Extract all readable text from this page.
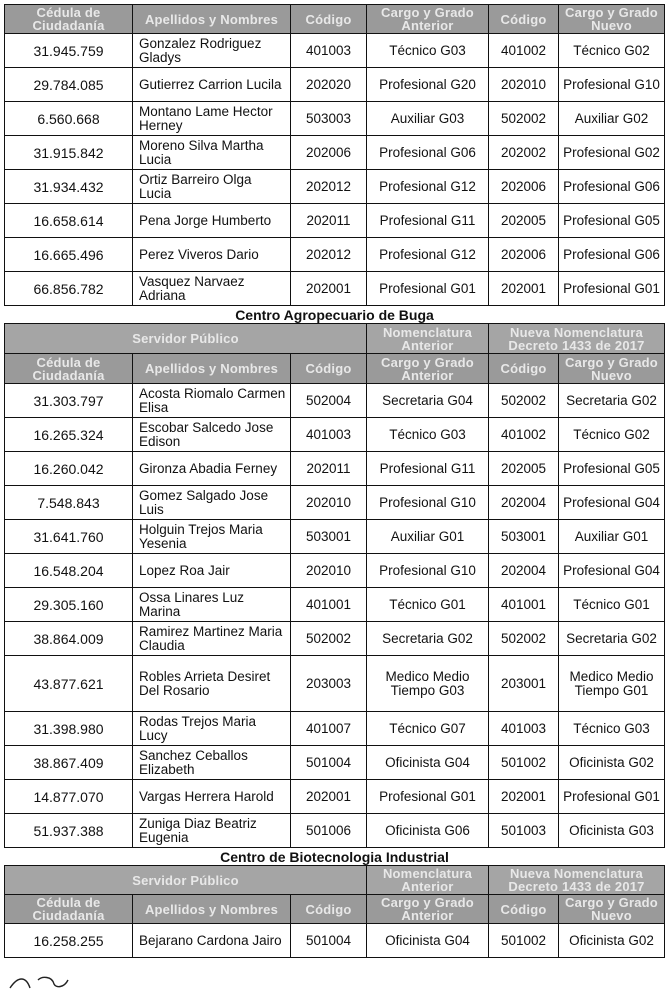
Cédula de Ciudadanía	Apellidos y Nombres	Código	Cargo y Grado Anterior	Código	Cargo y Grado Nuevo
31.945.759	Gonzalez Rodriguez Gladys	401003	Técnico G03	401002	Técnico G02
29.784.085	Gutierrez Carrion Lucila	202020	Profesional G20	202010	Profesional G10
6.560.668	Montano Lame Hector Herney	503003	Auxiliar G03	502002	Auxiliar G02
31.915.842	Moreno Silva Martha Lucia	202006	Profesional G06	202002	Profesional G02
31.934.432	Ortiz Barreiro Olga Lucia	202012	Profesional G12	202006	Profesional G06
16.658.614	Pena Jorge Humberto	202011	Profesional G11	202005	Profesional G05
16.665.496	Perez Viveros Dario	202012	Profesional G12	202006	Profesional G06
66.856.782	Vasquez Narvaez Adriana	202001	Profesional G01	202001	Profesional G01
Centro Agropecuario de Buga					
Servidor Público			Nomenclatura Anterior	Nueva Nomenclatura Decreto 1433 de 2017	
Cédula de Ciudadanía	Apellidos y Nombres	Código	Cargo y Grado Anterior	Código	Cargo y Grado Nuevo
31.303.797	Acosta Riomalo Carmen Elisa	502004	Secretaria G04	502002	Secretaria G02
16.265.324	Escobar Salcedo Jose Edison	401003	Técnico G03	401002	Técnico G02
16.260.042	Gironza Abadia Ferney	202011	Profesional G11	202005	Profesional G05
7.548.843	Gomez Salgado Jose Luis	202010	Profesional G10	202004	Profesional G04
31.641.760	Holguin Trejos Maria Yesenia	503001	Auxiliar G01	503001	Auxiliar G01
16.548.204	Lopez Roa Jair	202010	Profesional G10	202004	Profesional G04
29.305.160	Ossa Linares Luz Marina	401001	Técnico G01	401001	Técnico G01
38.864.009	Ramirez Martinez Maria Claudia	502002	Secretaria G02	502002	Secretaria G02
43.877.621	Robles Arrieta Desiret Del Rosario	203003	Medico Medio Tiempo G03	203001	Medico Medio Tiempo G01
31.398.980	Rodas Trejos Maria Lucy	401007	Técnico G07	401003	Técnico G03
38.867.409	Sanchez Ceballos Elizabeth	501004	Oficinista G04	501002	Oficinista G02
14.877.070	Vargas Herrera Harold	202001	Profesional G01	202001	Profesional G01
51.937.388	Zuniga Diaz Beatriz Eugenia	501006	Oficinista G06	501003	Oficinista G03
Centro de Biotecnologia Industrial					
Servidor Público			Nomenclatura Anterior	Nueva Nomenclatura Decreto 1433 de 2017	
Cédula de Ciudadanía	Apellidos y Nombres	Código	Cargo y Grado Anterior	Código	Cargo y Grado Nuevo
16.258.255	Bejarano Cardona Jairo	501004	Oficinista G04	501002	Oficinista G02
